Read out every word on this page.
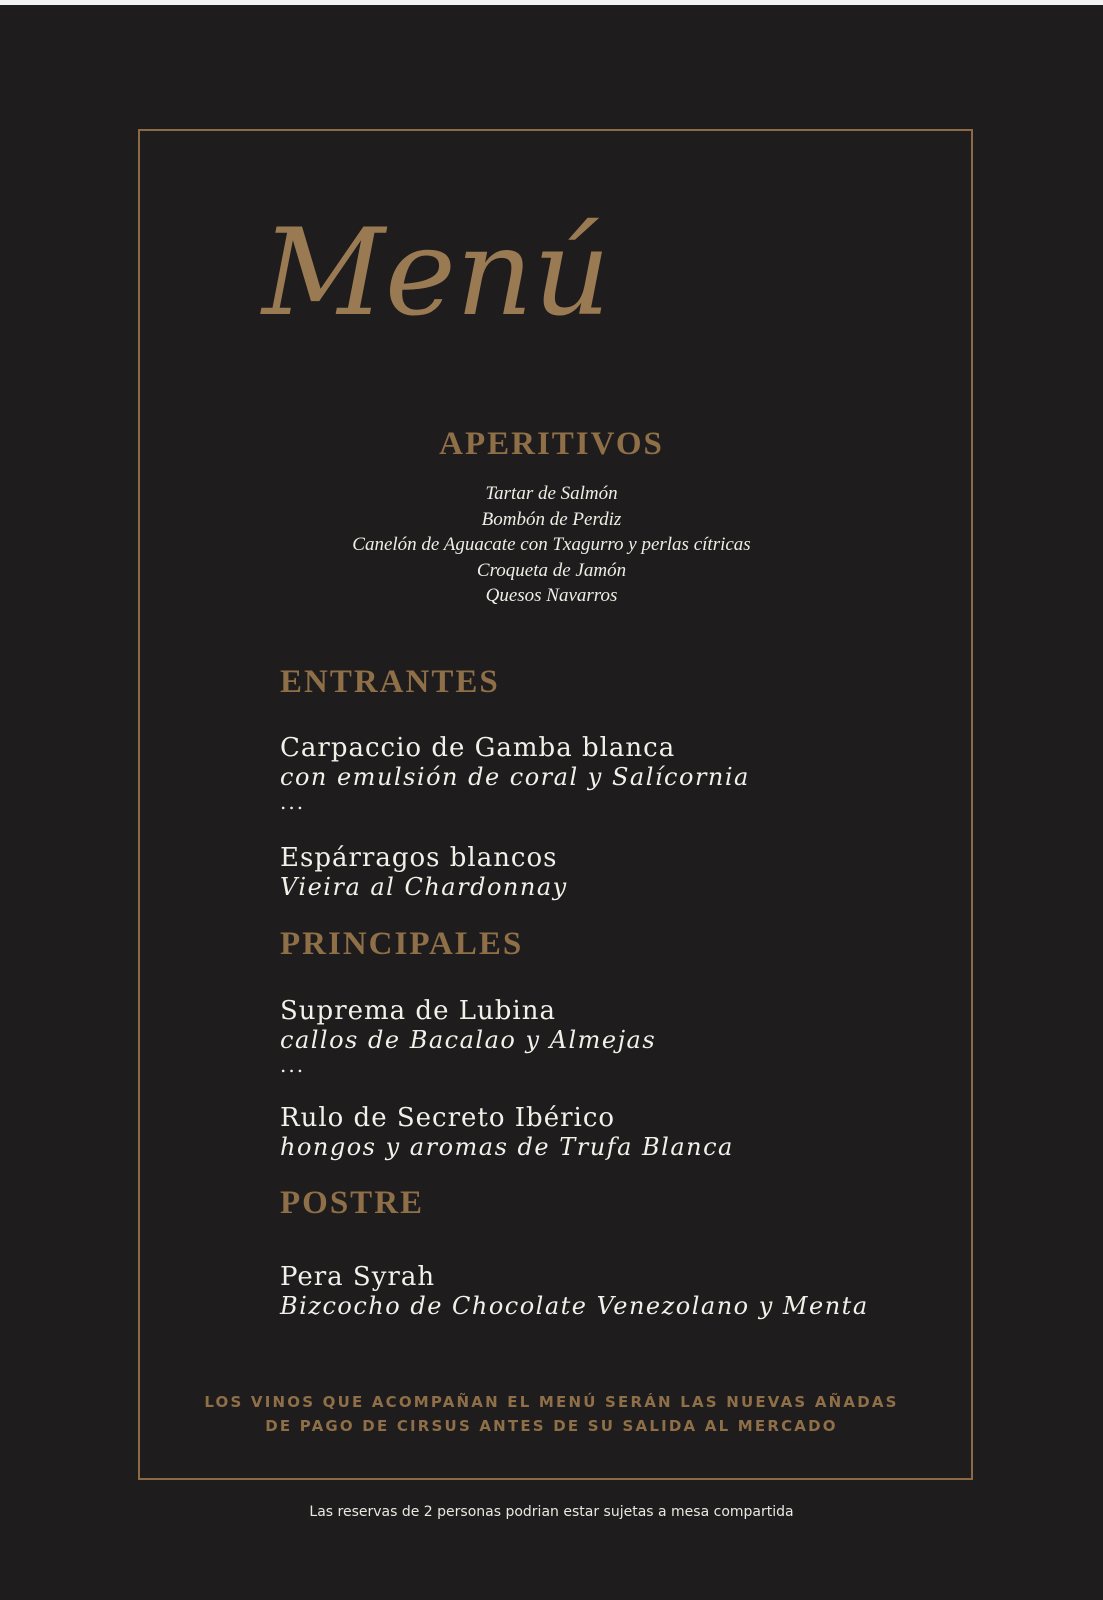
Menú
APERITIVOS
Tartar de Salmón
Bombón de Perdiz
Canelón de Aguacate con Txagurro y perlas cítricas
Croqueta de Jamón
Quesos Navarros
ENTRANTES
Carpaccio de Gamba blanca
con emulsión de coral y Salícornia
...
Espárragos blancos
Vieira al Chardonnay
PRINCIPALES
Suprema de Lubina
callos de Bacalao y Almejas
...
Rulo de Secreto Ibérico
hongos y aromas de Trufa Blanca
POSTRE
Pera Syrah
Bizcocho de Chocolate Venezolano y Menta
LOS VINOS QUE ACOMPAÑAN EL MENÚ SERÁN LAS NUEVAS AÑADAS
DE PAGO DE CIRSUS ANTES DE SU SALIDA AL MERCADO
Las reservas de 2 personas podrian estar sujetas a mesa compartida
